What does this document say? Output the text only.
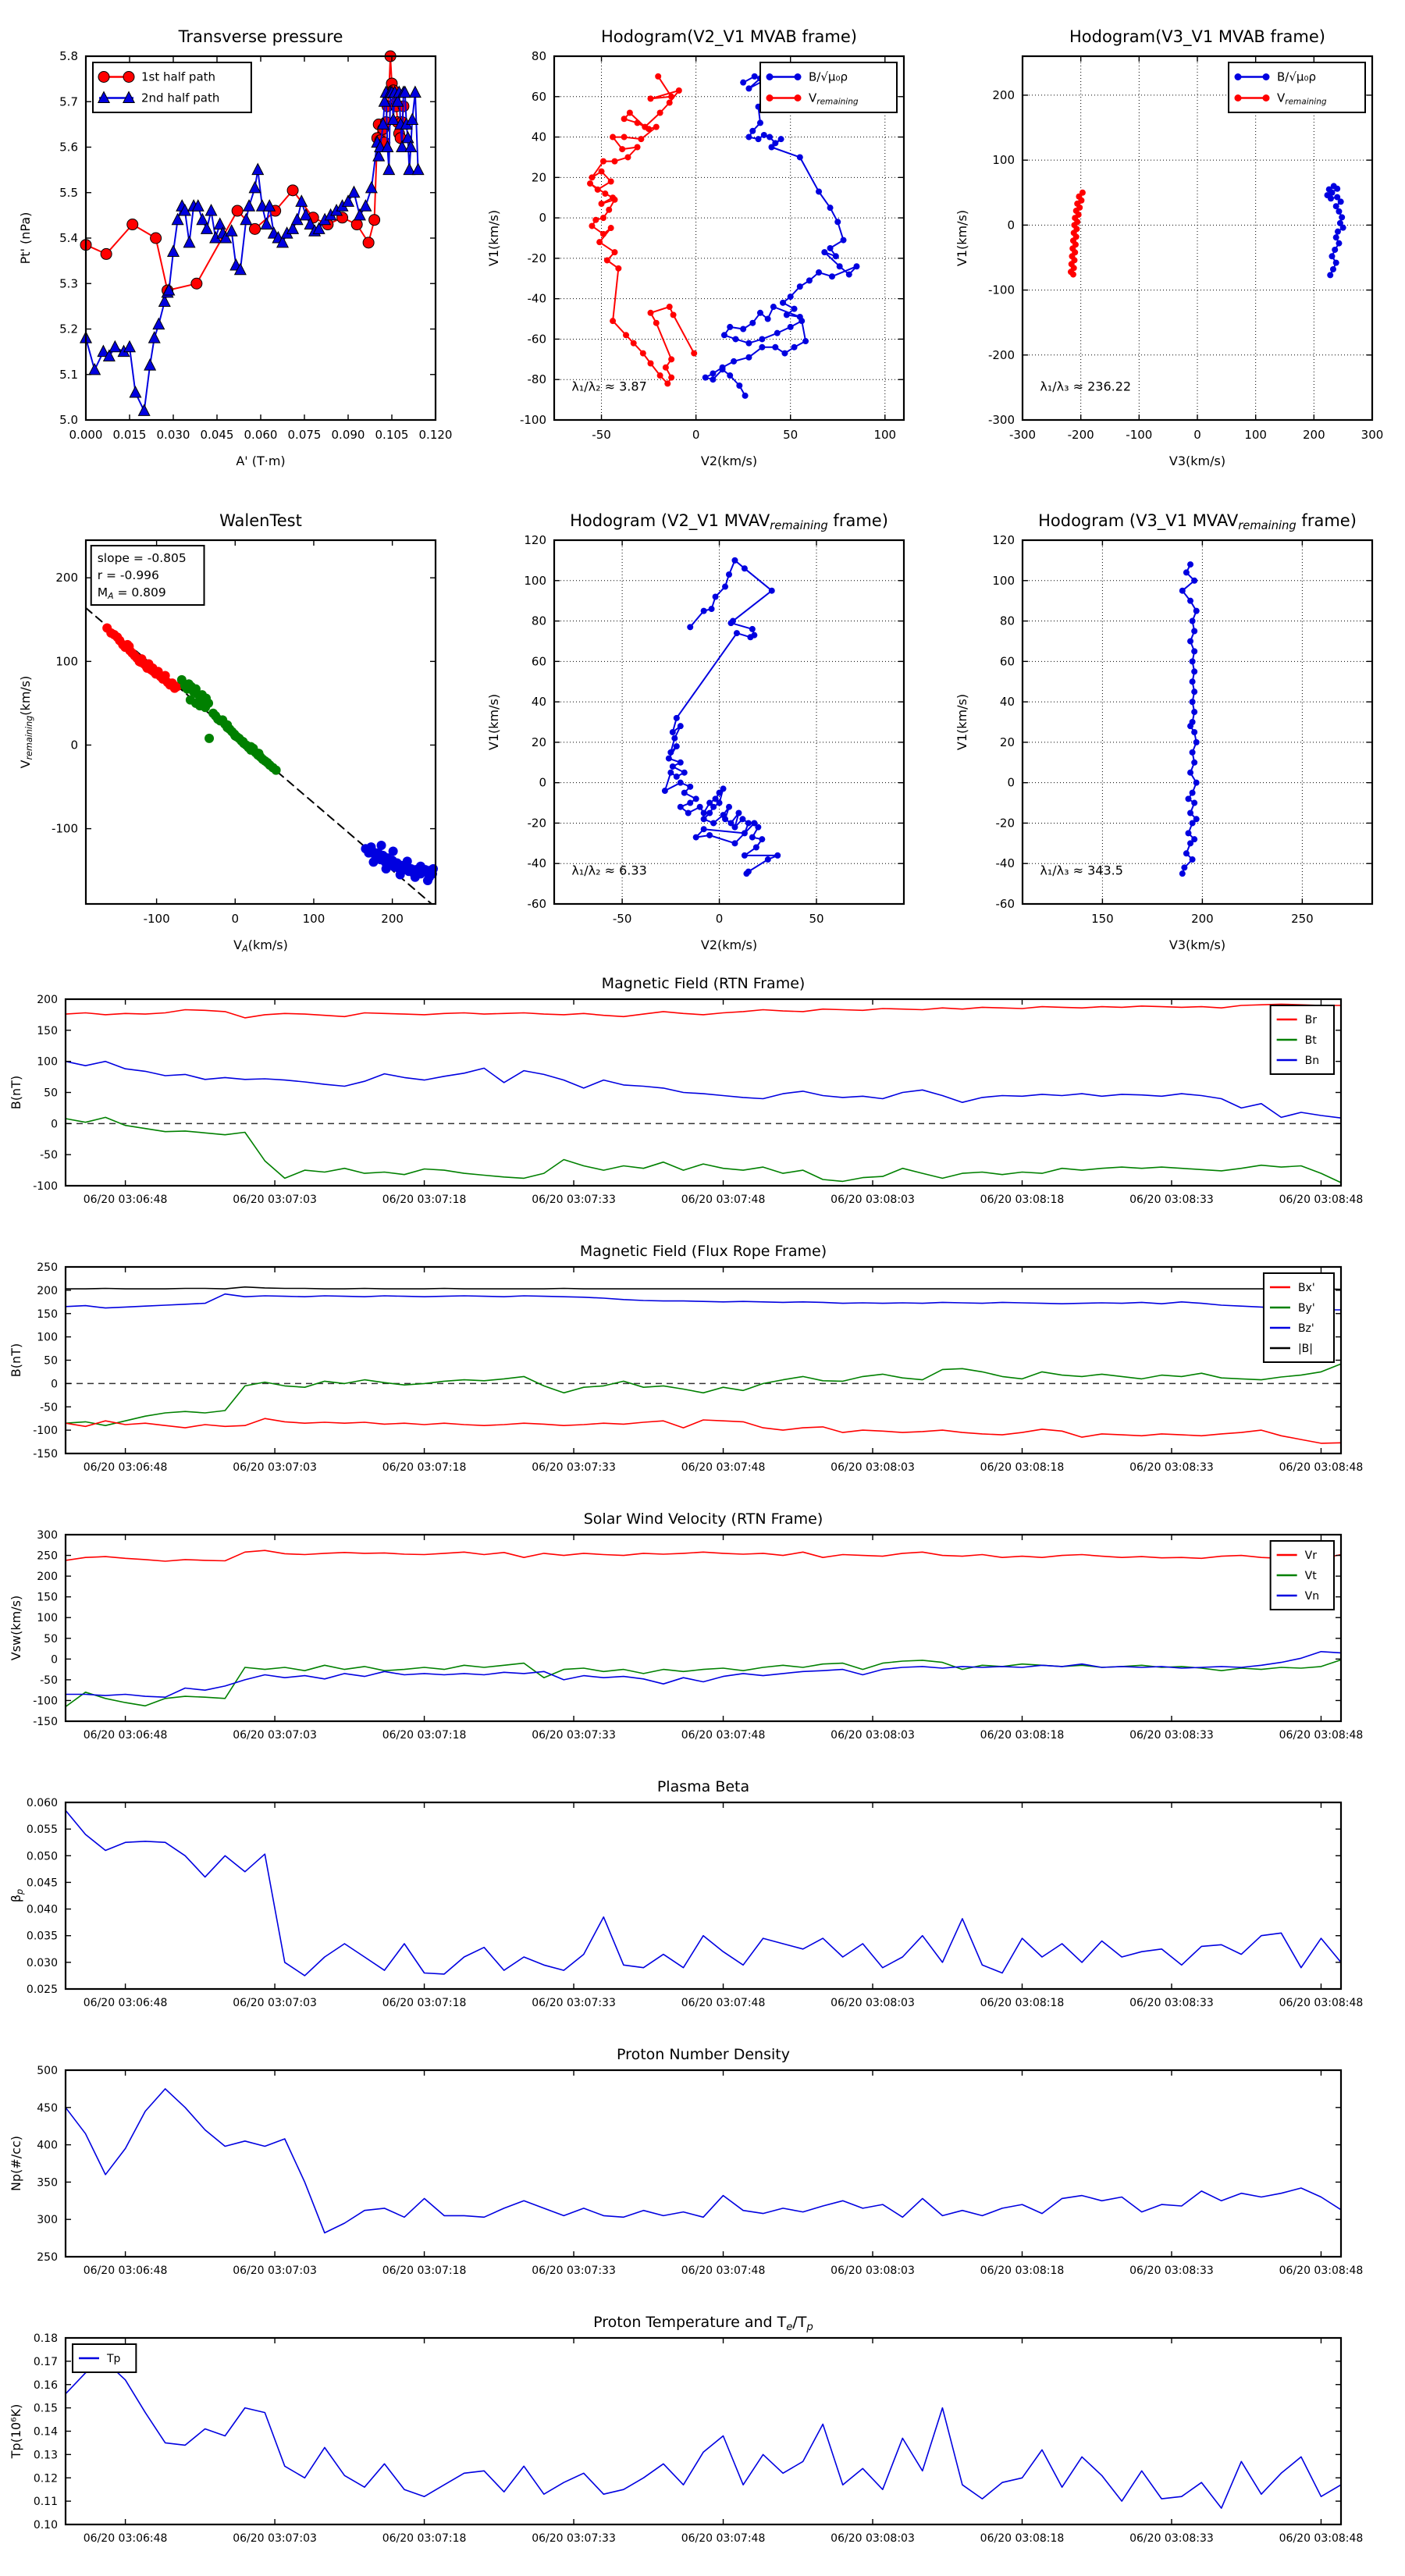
0.000 0.015 0.030 0.045 0.060 0.075 0.090 0.105 0.120
5.0
5.1
5.2
5.3
5.4
5.5
5.6
5.7
5.8
Transverse pressure
A' (T·m)
Pt' (nPa)
1st half path
2nd half path
-50	0	50	100
-100
-80
-60
-40
-20
0
20
40
60
80
Hodogram(V2_V1 MVAB frame)
V2(km/s)
V1(km/s)
B/√μ₀ρ
$V_{remaining}$
λ₁/λ₂ ≈ 3.87
-300	-200	-100	0	100	200	300
-300
-200
-100
0
100
200
Hodogram(V3_V1 MVAB frame)
V3(km/s)
V1(km/s)
B/√μ₀ρ
$V_{remaining}$
λ₁/λ₃ ≈ 236.22
-100	0	100	200
-100
0
100
200
WalenTest
$V_A(km/s)$
$V_{remaining}(km/s)$
slope = -0.805
r = -0.996
$M_A = 0.809$
-50	0	50
-60
-40
-20
0
20
40
60
80
100
120
Hodogram (V2_V1 $MVAV_{remaining}$ frame)
V2(km/s)
V1(km/s)
λ₁/λ₂ ≈ 6.33
150	200	250
-60
-40
-20
0
20
40
60
80
100
120
Hodogram (V3_V1 $MVAV_{remaining}$ frame)
V3(km/s)
V1(km/s)
λ₁/λ₃ ≈ 343.5
06/20 03:06:48	06/20 03:07:03	06/20 03:07:18	06/20 03:07:33	06/20 03:07:48	06/20 03:08:03	06/20 03:08:18	06/20 03:08:33	06/20 03:08:48
-100
-50
0
50
100
150
200
Magnetic Field (RTN Frame)
B(nT)
Br
Bt
Bn
06/20 03:06:48	06/20 03:07:03	06/20 03:07:18	06/20 03:07:33	06/20 03:07:48	06/20 03:08:03	06/20 03:08:18	06/20 03:08:33	06/20 03:08:48
-150
-100
-50
0
50
100
150
200
250
Magnetic Field (Flux Rope Frame)
B(nT)
Bx'
By'
Bz'
|B|
06/20 03:06:48	06/20 03:07:03	06/20 03:07:18	06/20 03:07:33	06/20 03:07:48	06/20 03:08:03	06/20 03:08:18	06/20 03:08:33	06/20 03:08:48
-150
-100
-50
0
50
100
150
200
250
300
Solar Wind Velocity (RTN Frame)
Vsw(km/s)
Vr
Vt
Vn
06/20 03:06:48	06/20 03:07:03	06/20 03:07:18	06/20 03:07:33	06/20 03:07:48	06/20 03:08:03	06/20 03:08:18	06/20 03:08:33	06/20 03:08:48
0.025
0.030
0.035
0.040
0.045
0.050
0.055
0.060
Plasma Beta
$\beta_p$
06/20 03:06:48	06/20 03:07:03	06/20 03:07:18	06/20 03:07:33	06/20 03:07:48	06/20 03:08:03	06/20 03:08:18	06/20 03:08:33	06/20 03:08:48
250
300
350
400
450
500
Proton Number Density
Np(#/cc)
06/20 03:06:48	06/20 03:07:03	06/20 03:07:18	06/20 03:07:33	06/20 03:07:48	06/20 03:08:03	06/20 03:08:18	06/20 03:08:33	06/20 03:08:48
0.10
0.11
0.12
0.13
0.14
0.15
0.16
0.17
0.18
Proton Temperature and $T_e/T_p$
Tp(10⁶K)
Tp
